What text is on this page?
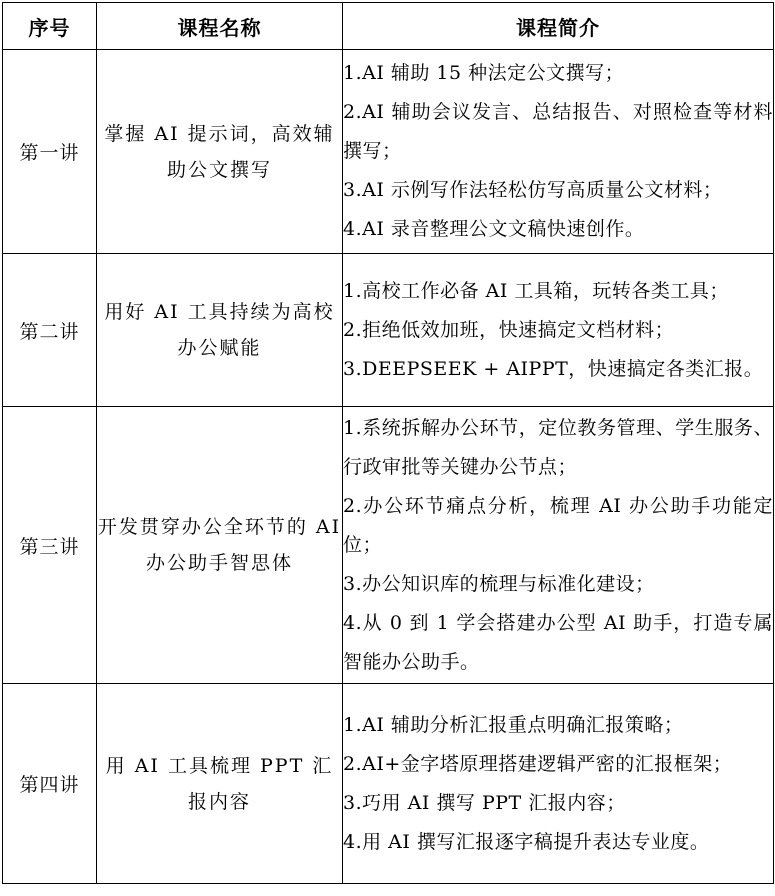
序号	课程名称	课程简介
第一讲	掌握 AI 提示词，高效辅助公文撰写	1.AI 辅助 15 种法定公文撰写；
2.AI 辅助会议发言、总结报告、对照检查等材料撰写；
3.AI 示例写作法轻松仿写高质量公文材料；
4.AI 录音整理公文文稿快速创作。

第二讲	用好 AI 工具持续为高校办公赋能	1.高校工作必备 AI 工具箱，玩转各类工具；
2.拒绝低效加班，快速搞定文档材料；
3.DEEPSEEK + AIPPT，快速搞定各类汇报。

第三讲	开发贯穿办公全环节的 AI 办公助手智思体	1.系统拆解办公环节，定位教务管理、学生服务、行政审批等关键办公节点；
2.办公环节痛点分析，梳理 AI 办公助手功能定位；
3.办公知识库的梳理与标准化建设；
4.从 0 到 1 学会搭建办公型 AI 助手，打造专属智能办公助手。

第四讲	用 AI 工具梳理 PPT 汇报内容	1.AI 辅助分析汇报重点明确汇报策略；
2.AI+金字塔原理搭建逻辑严密的汇报框架；
3.巧用 AI 撰写 PPT 汇报内容；
4.用 AI 撰写汇报逐字稿提升表达专业度。
